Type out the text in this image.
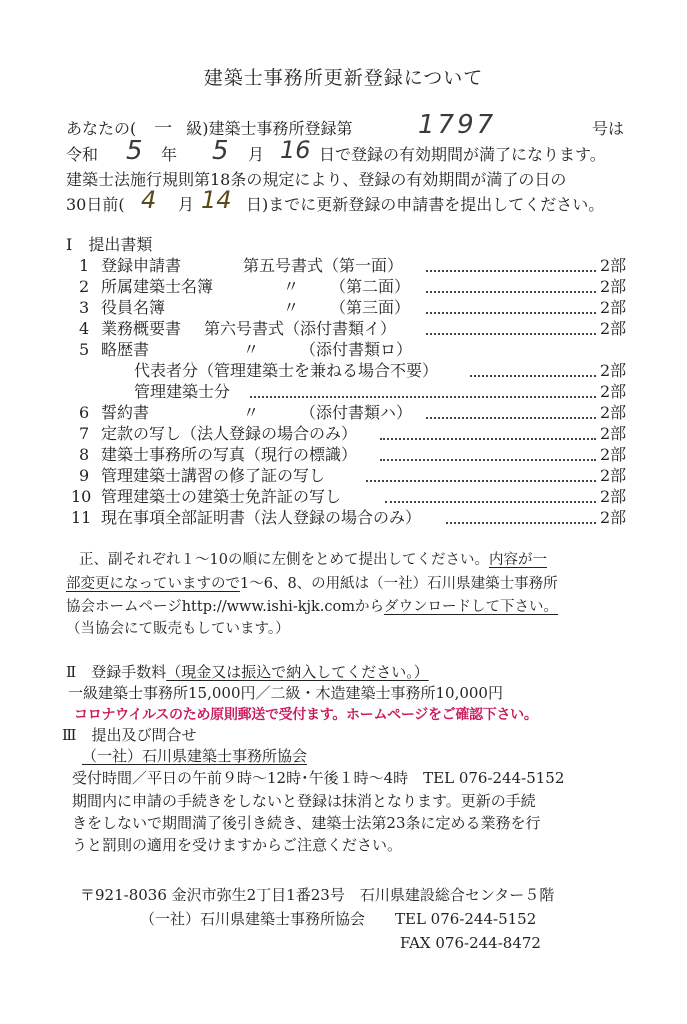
建築士事務所更新登録について
あなたの( 一 級)建築士事務所登録第	1797	号は
令和 5 年 5 月 16 日で登録の有効期間が満了になります。
建築士法施行規則第18条の規定により、登録の有効期間が満了の日の
30日前( 4 月 14 日)までに更新登録の申請書を提出してください。
Ⅰ　提出書類
1 登録申請書	第五号書式（第一面）	2部
2 所属建築士名簿	〃 （第二面）	2部
3 役員名簿	〃 （第三面）	2部
4 業務概要書 第六号書式（添付書類イ）	2部
5 略歴書	〃	（添付書類ロ）
代表者分（管理建築士を兼ねる場合不要）	2部
管理建築士分	2部
6 誓約書	〃	（添付書類ハ）	2部
7 定款の写し（法人登録の場合のみ）	2部
8 建築士事務所の写真（現行の標識）	2部
9 管理建築士講習の修了証の写し	2部
10 管理建築士の建築士免許証の写し	2部
11 現在事項全部証明書（法人登録の場合のみ）	2部
正、副それぞれ１～10の順に左側をとめて提出してください。内容が一
部変更になっていますので1～6、8、の用紙は（一社）石川県建築士事務所
協会ホームページhttp://www.ishi-kjk.comからダウンロードして下さい。
（当協会にて販売もしています。）
Ⅱ　登録手数料（現金又は振込で納入してください。）
一級建築士事務所15,000円／二級・木造建築士事務所10,000円
コロナウイルスのため原則郵送で受付ます。ホームページをご確認下さい。
Ⅲ　提出及び問合せ
（一社）石川県建築士事務所協会
受付時間／平日の午前９時～12時･午後１時～4時　TEL 076-244-5152
期間内に申請の手続きをしないと登録は抹消となります。更新の手続
きをしないで期間満了後引き続き、建築士法第23条に定める業務を行
うと罰則の適用を受けますからご注意ください。
〒921-8036 金沢市弥生2丁目1番23号　石川県建設総合センター５階
（一社）石川県建築士事務所協会　　TEL 076-244-5152
FAX 076-244-8472
